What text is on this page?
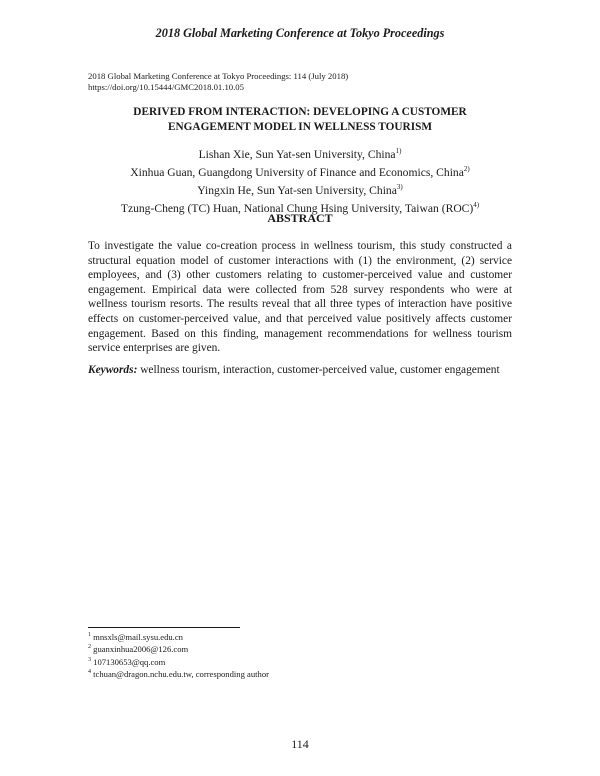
2018 Global Marketing Conference at Tokyo Proceedings
2018 Global Marketing Conference at Tokyo Proceedings: 114 (July 2018)
https://doi.org/10.15444/GMC2018.01.10.05
DERIVED FROM INTERACTION: DEVELOPING A CUSTOMER
ENGAGEMENT MODEL IN WELLNESS TOURISM
Lishan Xie, Sun Yat-sen University, China$^{1)}$
Xinhua Guan, Guangdong University of Finance and Economics, China$^{2)}$
Yingxin He, Sun Yat-sen University, China$^{3)}$
Tzung-Cheng (TC) Huan, National Chung Hsing University, Taiwan (ROC)$^{4)}$
ABSTRACT
To investigate the value co-creation process in wellness tourism, this study constructed a structural equation model of customer interactions with (1) the environment, (2) service employees, and (3) other customers relating to customer-perceived value and customer engagement. Empirical data were collected from 528 survey respondents who were at wellness tourism resorts. The results reveal that all three types of interaction have positive effects on customer-perceived value, and that perceived value positively affects customer engagement. Based on this finding, management recommendations for wellness tourism service enterprises are given.
Keywords: wellness tourism, interaction, customer-perceived value, customer engagement
$^1$ mnsxls@mail.sysu.edu.cn
$^2$ guanxinhua2006@126.com
$^3$ 107130653@qq.com
$^4$ tchuan@dragon.nchu.edu.tw, corresponding author
114
